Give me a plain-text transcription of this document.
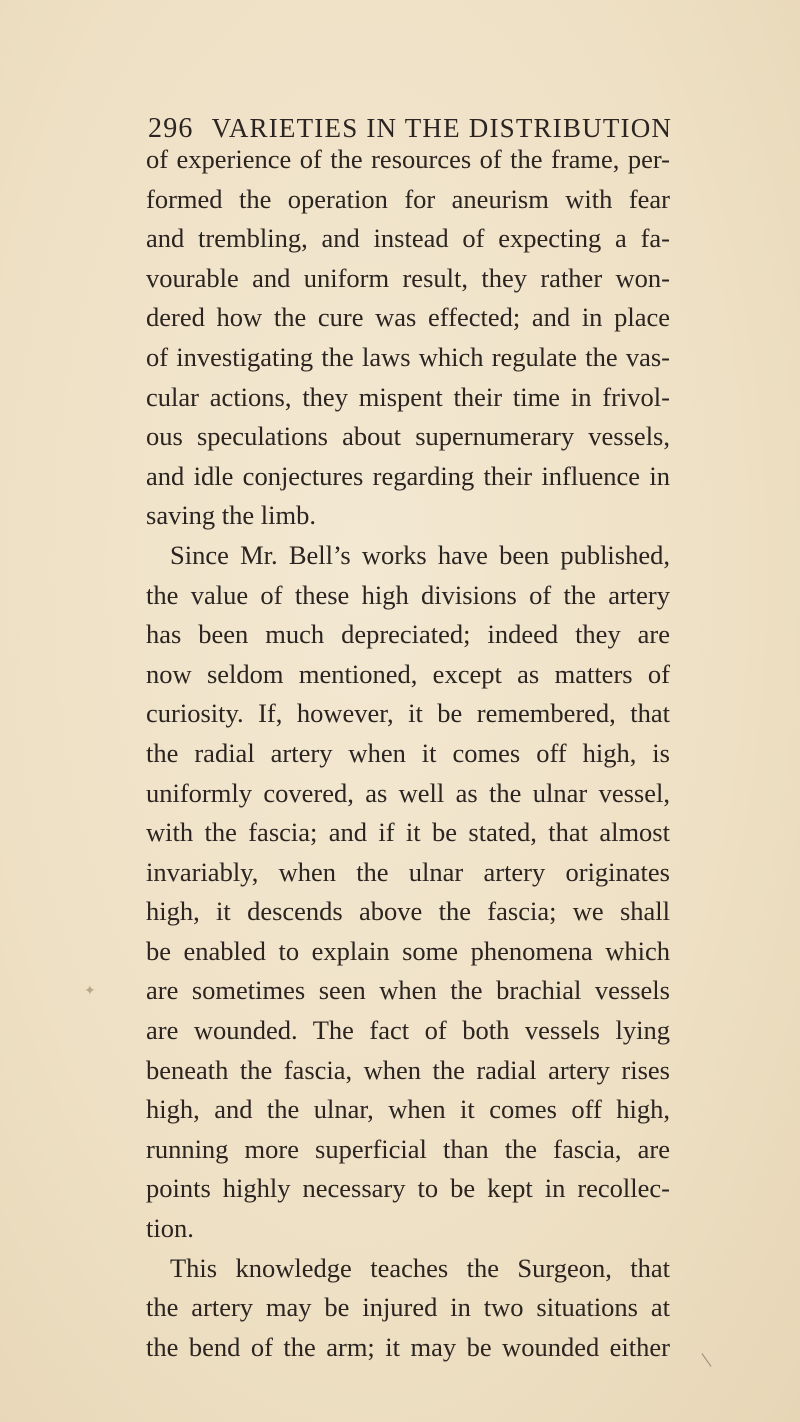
296 VARIETIES IN THE DISTRIBUTION
of experience of the resources of the frame, per-
formed the operation for aneurism with fear
and trembling, and instead of expecting a fa-
vourable and uniform result, they rather won-
dered how the cure was effected; and in place
of investigating the laws which regulate the vas-
cular actions, they mispent their time in frivol-
ous speculations about supernumerary vessels,
and idle conjectures regarding their influence in
saving the limb.
Since Mr. Bell’s works have been published,
the value of these high divisions of the artery
has been much depreciated; indeed they are
now seldom mentioned, except as matters of
curiosity. If, however, it be remembered, that
the radial artery when it comes off high, is
uniformly covered, as well as the ulnar vessel,
with the fascia; and if it be stated, that almost
invariably, when the ulnar artery originates
high, it descends above the fascia; we shall
be enabled to explain some phenomena which
are sometimes seen when the brachial vessels
are wounded. The fact of both vessels lying
beneath the fascia, when the radial artery rises
high, and the ulnar, when it comes off high,
running more superficial than the fascia, are
points highly necessary to be kept in recollec-
tion.
This knowledge teaches the Surgeon, that
the artery may be injured in two situations at
the bend of the arm; it may be wounded either
✦
